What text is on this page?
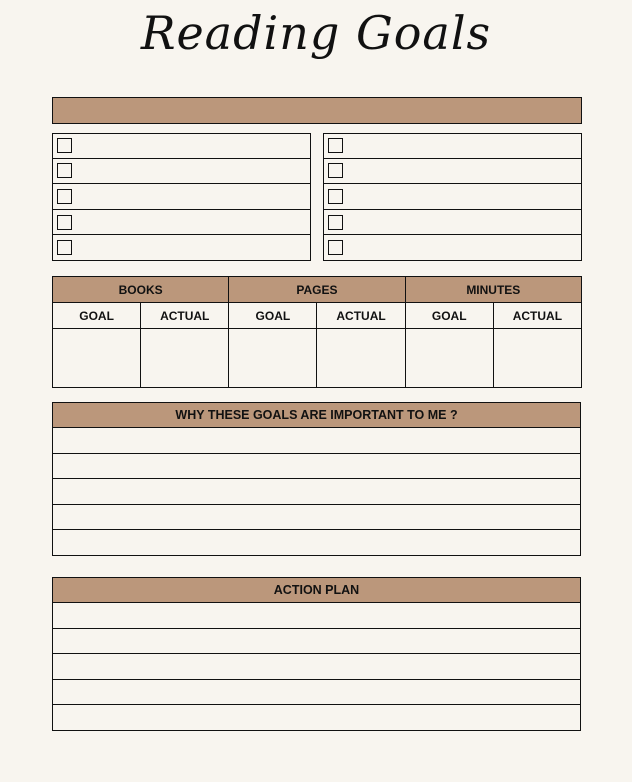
Reading Goals
BOOKS		PAGES		MINUTES	
GOAL	ACTUAL	GOAL	ACTUAL	GOAL	ACTUAL

WHY THESE GOALS ARE IMPORTANT TO ME ?
ACTION PLAN
